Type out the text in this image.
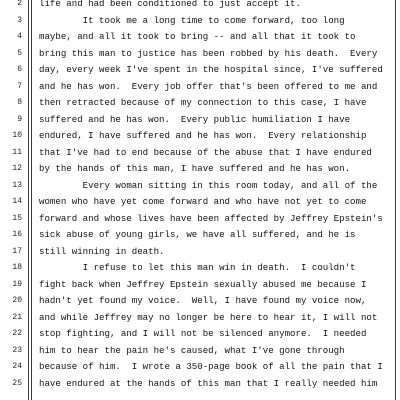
2 life and had been conditioned to just accept it.
3 It took me a long time to come forward, too long
4 maybe, and all it took to bring -- and all that it took to
5 bring this man to justice has been robbed by his death.  Every
6 day, every week I've spent in the hospital since, I've suffered
7 and he has won.  Every job offer that's been offered to me and
8 then retracted because of my connection to this case, I have
9 suffered and he has won.  Every public humiliation I have
10 endured, I have suffered and he has won.  Every relationship
11 that I've had to end because of the abuse that I have endured
12 by the hands of this man, I have suffered and he has won.
13 Every woman sitting in this room today, and all of the
14 women who have yet come forward and who have not yet to come
15 forward and whose lives have been affected by Jeffrey Epstein's
16 sick abuse of young girls, we have all suffered, and he is
17 still winning in death.
18 I refuse to let this man win in death.  I couldn't
19 fight back when Jeffrey Epstein sexually abused me because I
20 hadn't yet found my voice.  Well, I have found my voice now,
21 and while Jeffrey may no longer be here to hear it, I will not
22 stop fighting, and I will not be silenced anymore.  I needed
23 him to hear the pain he's caused, what I've gone through
24 because of him.  I wrote a 350-page book of all the pain that I
25 have endured at the hands of this man that I really needed him
